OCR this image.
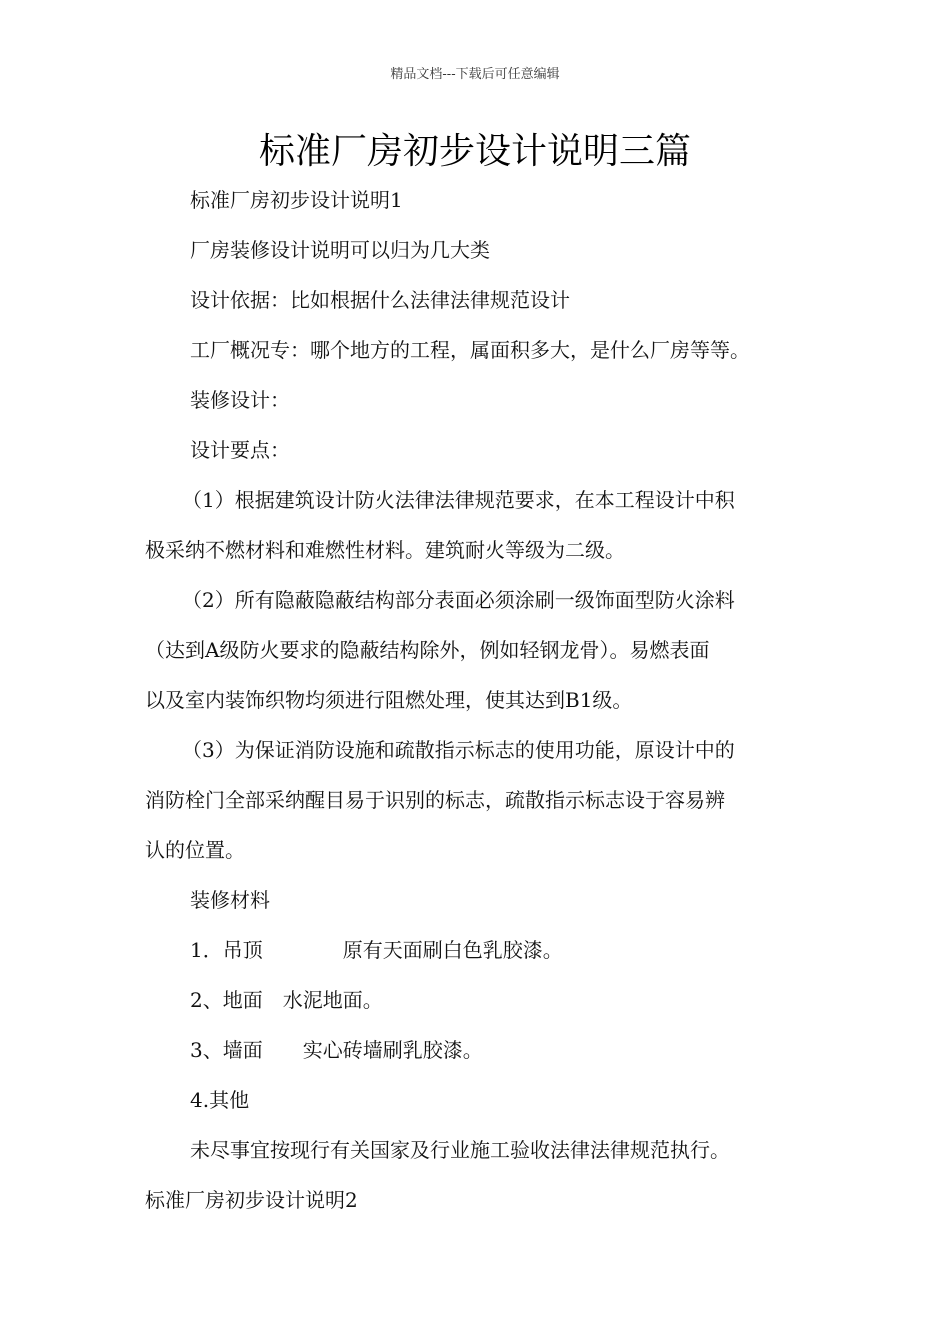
精品文档---下载后可任意编辑
标准厂房初步设计说明三篇

标准厂房初步设计说明1

厂房装修设计说明可以归为几大类

设计依据：比如根据什么法律法律规范设计

工厂概况专：哪个地方的工程，属面积多大，是什么厂房等等。

装修设计：

设计要点：

（1）根据建筑设计防火法律法律规范要求，在本工程设计中积

极采纳不燃材料和难燃性材料。建筑耐火等级为二级。

（2）所有隐蔽隐蔽结构部分表面必须涂刷一级饰面型防火涂料

（达到A级防火要求的隐蔽结构除外，例如轻钢龙骨）。易燃表面

以及室内装饰织物均须进行阻燃处理，使其达到B1级。

（3）为保证消防设施和疏散指示标志的使用功能，原设计中的

消防栓门全部采纳醒目易于识别的标志，疏散指示标志设于容易辨

认的位置。

装修材料

1．吊顶　　　　原有天面刷白色乳胶漆。

2、地面　水泥地面。

3、墙面　　实心砖墙刷乳胶漆。

4.其他

未尽事宜按现行有关国家及行业施工验收法律法律规范执行。

标准厂房初步设计说明2
